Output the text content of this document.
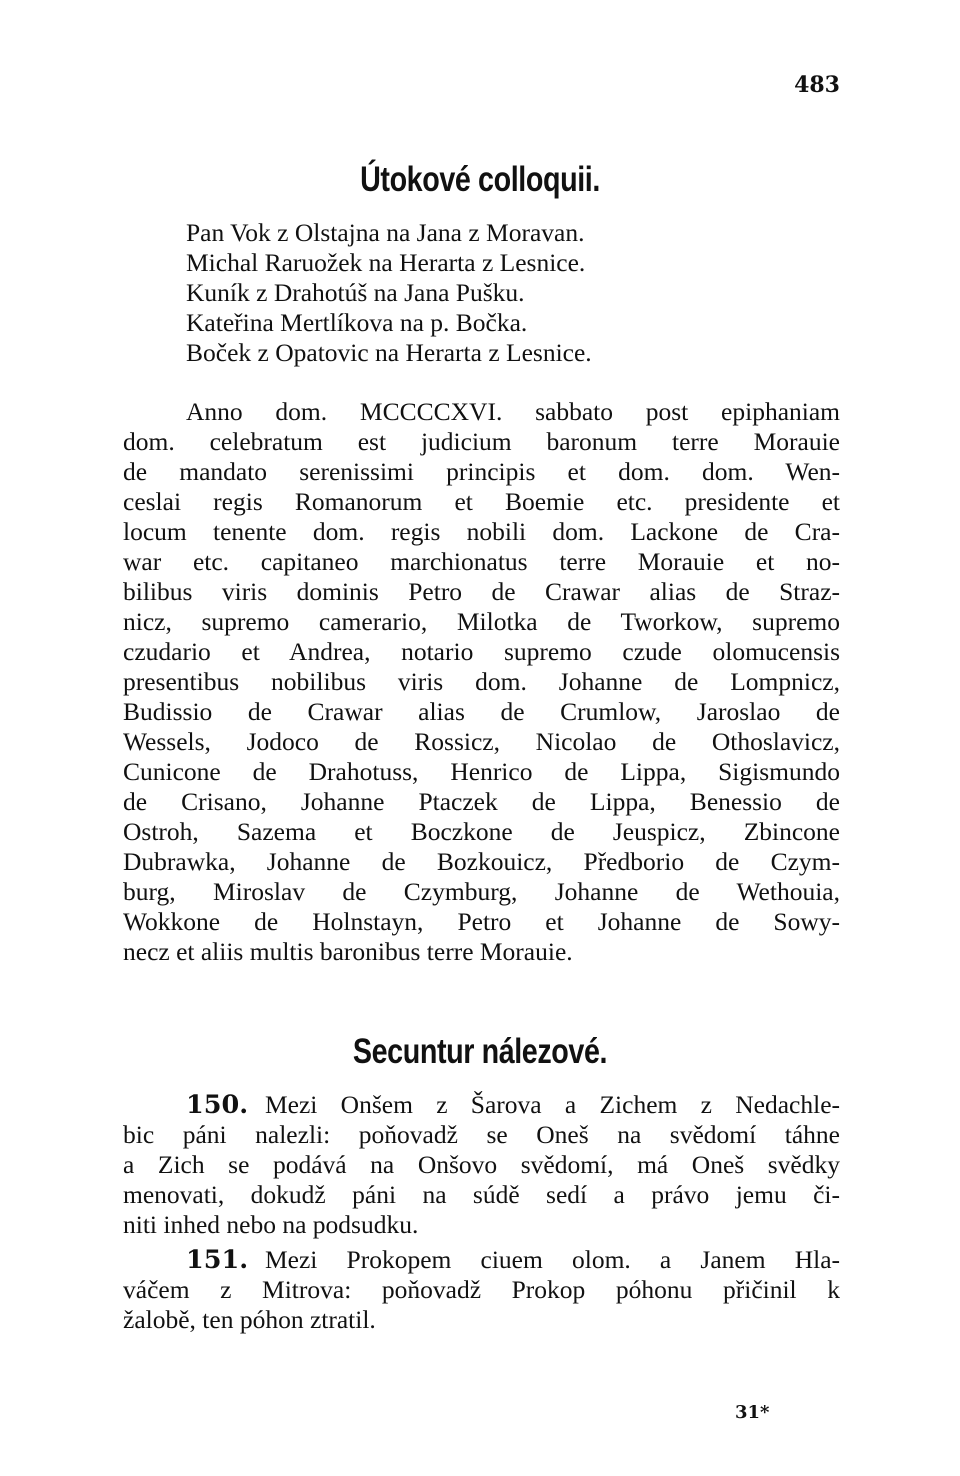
483
Útokové colloquii.
Pan Vok z Olstajna na Jana z Moravan.
Michal Raruožek na Herarta z Lesnice.
Kuník z Drahotúš na Jana Pušku.
Kateřina Mertlíkova na p. Bočka.
Boček z Opatovic na Herarta z Lesnice.
Anno dom. MCCCCXVI. sabbato post epiphaniam
dom. celebratum est judicium baronum terre Morauie
de mandato serenissimi principis et dom. dom. Wen-
ceslai regis Romanorum et Boemie etc. presidente et
locum tenente dom. regis nobili dom. Lackone de Cra-
war etc. capitaneo marchionatus terre Morauie et no-
bilibus viris dominis Petro de Crawar alias de Straz-
nicz, supremo camerario, Milotka de Tworkow, supremo
czudario et Andrea, notario supremo czude olomucensis
presentibus nobilibus viris dom. Johanne de Lompnicz,
Budissio de Crawar alias de Crumlow, Jaroslao de
Wessels, Jodoco de Rossicz, Nicolao de Othoslavicz,
Cunicone de Drahotuss, Henrico de Lippa, Sigismundo
de Crisano, Johanne Ptaczek de Lippa, Benessio de
Ostroh, Sazema et Boczkone de Jeuspicz, Zbincone
Dubrawka, Johanne de Bozkouicz, Předborio de Czym-
burg, Miroslav de Czymburg, Johanne de Wethouia,
Wokkone de Holnstayn, Petro et Johanne de Sowy-
necz et aliis multis baronibus terre Morauie.
Secuntur nálezové.
150. Mezi Onšem z Šarova a Zichem z Nedachle-
bic páni nalezli: poňovadž se Oneš na svědomí táhne
a Zich se podává na Onšovo svědomí, má Oneš svědky
menovati, dokudž páni na súdě sedí a právo jemu či-
niti inhed nebo na podsudku.
151. Mezi Prokopem ciuem olom. a Janem Hla-
váčem z Mitrova: poňovadž Prokop póhonu přičinil k
žalobě, ten póhon ztratil.
31*
